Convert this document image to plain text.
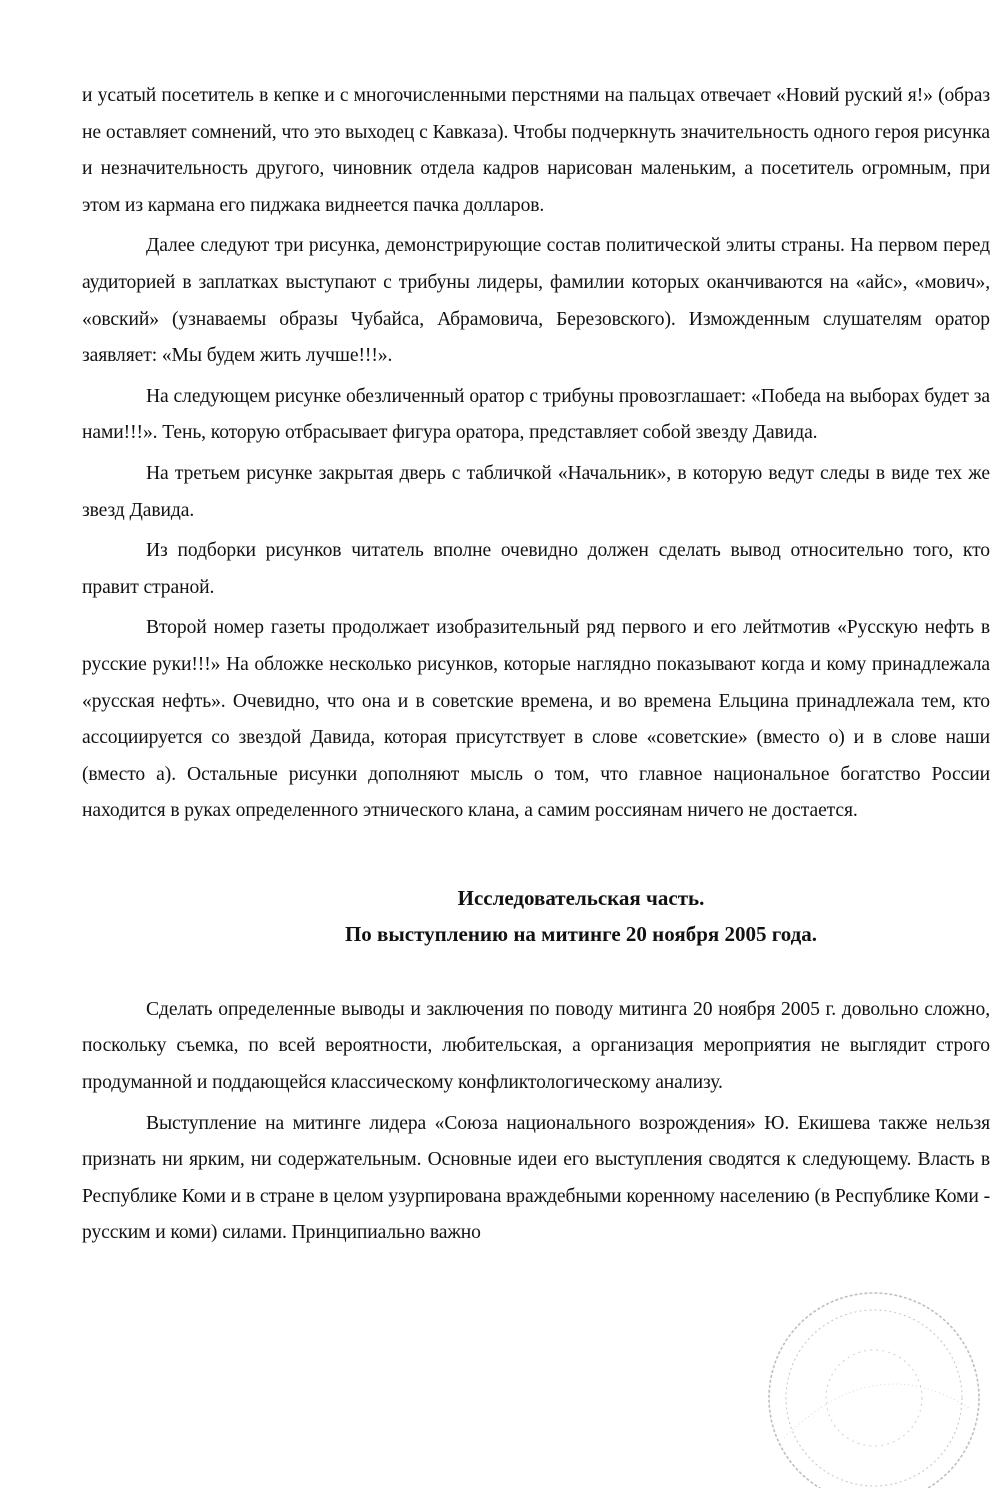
и усатый посетитель в кепке и с многочисленными перстнями на пальцах отвечает «Новий руский я!» (образ не оставляет сомнений, что это выходец с Кавказа). Чтобы подчеркнуть значительность одного героя рисунка и незначительность другого, чиновник отдела кадров нарисован маленьким, а посетитель огромным, при этом из кармана его пиджака виднеется пачка долларов.

Далее следуют три рисунка, демонстрирующие состав политической элиты страны. На первом перед аудиторией в заплатках выступают с трибуны лидеры, фамилии которых оканчиваются на «айс», «мович», «овский» (узнаваемы образы Чубайса, Абрамовича, Березовского). Изможденным слушателям оратор заявляет: «Мы будем жить лучше!!!».

На следующем рисунке обезличенный оратор с трибуны провозглашает: «Победа на выборах будет за нами!!!». Тень, которую отбрасывает фигура оратора, представляет собой звезду Давида.

На третьем рисунке закрытая дверь с табличкой «Начальник», в которую ведут следы в виде тех же звезд Давида.

Из подборки рисунков читатель вполне очевидно должен сделать вывод относительно того, кто правит страной.

Второй номер газеты продолжает изобразительный ряд первого и его лейтмотив «Русскую нефть в русские руки!!!» На обложке несколько рисунков, которые наглядно показывают когда и кому принадлежала «русская нефть». Очевидно, что она и в советские времена, и во времена Ельцина принадлежала тем, кто ассоциируется со звездой Давида, которая присутствует в слове «советские» (вместо о) и в слове наши (вместо а). Остальные рисунки дополняют мысль о том, что главное национальное богатство России находится в руках определенного этнического клана, а самим россиянам ничего не достается.

Исследовательская часть.

По выступлению на митинге 20 ноября 2005 года.

Сделать определенные выводы и заключения по поводу митинга 20 ноября 2005 г. довольно сложно, поскольку съемка, по всей вероятности, любительская, а организация мероприятия не выглядит строго продуманной и поддающейся классическому конфликтологическому анализу.

Выступление на митинге лидера «Союза национального возрождения» Ю. Екишева также нельзя признать ни ярким, ни содержательным. Основные идеи его выступления сводятся к следующему. Власть в Республике Коми и в стране в целом узурпирована враждебными коренному населению (в Республике Коми - русским и коми) силами. Принципиально важно
